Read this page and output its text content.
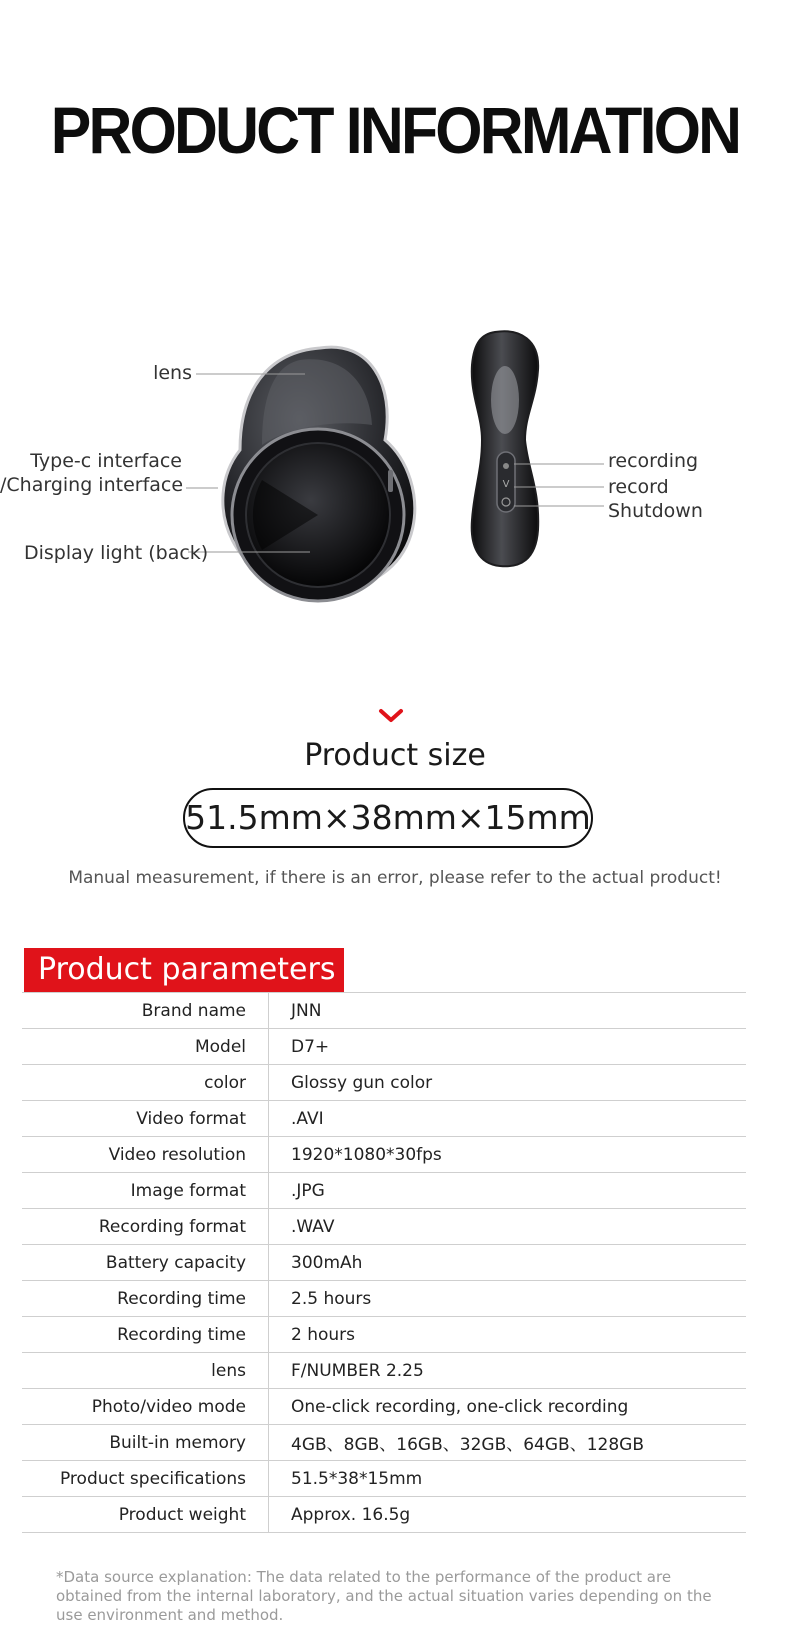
PRODUCT INFORMATION
V
lens
Type-c interface
/Charging interface
Display light (back)
recording
record
Shutdown
Product size
51.5mm×38mm×15mm
Manual measurement, if there is an error, please refer to the actual product!
Product parameters
Brand name	JNN
Model	D7+
color	Glossy gun color
Video format	.AVI
Video resolution	1920*1080*30fps
Image format	.JPG
Recording format	.WAV
Battery capacity	300mAh
Recording time	2.5 hours
Recording time	2 hours
lens	F/NUMBER 2.25
Photo/video mode	One-click recording, one-click recording
Built-in memory	4GB、8GB、16GB、32GB、64GB、128GB
Product specifications	51.5*38*15mm
Product weight	Approx. 16.5g
*Data source explanation: The data related to the performance of the product are obtained from the internal laboratory, and the actual situation varies depending on the use environment and method.
